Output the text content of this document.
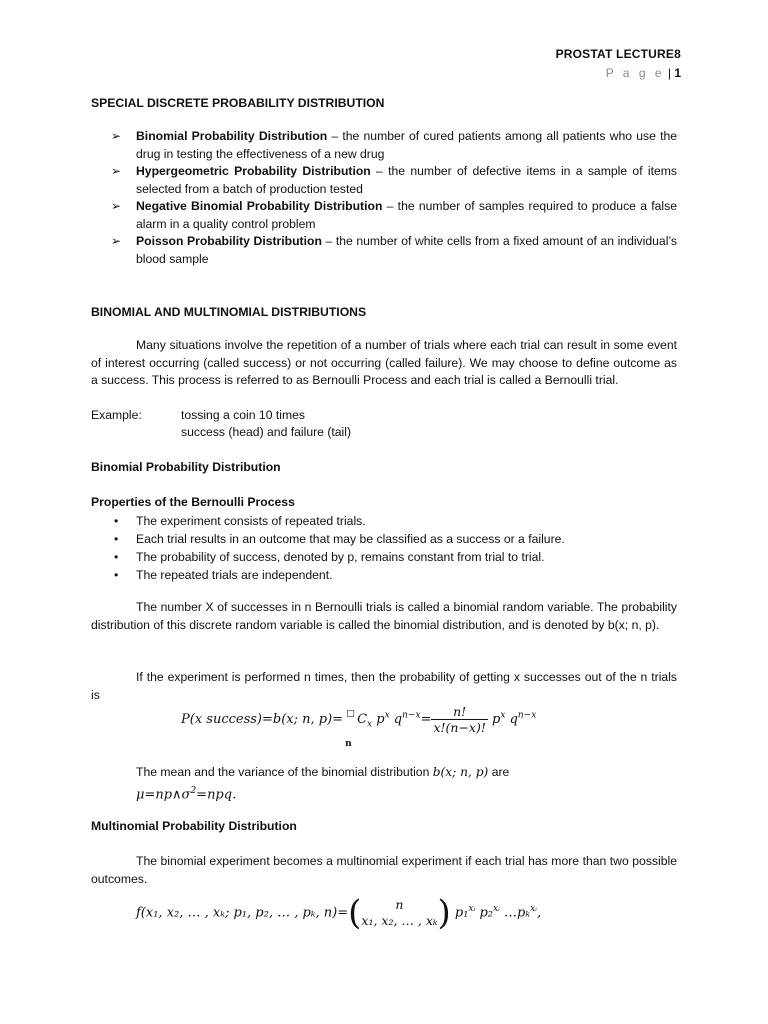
PROSTAT LECTURE8
P a g e | 1
SPECIAL DISCRETE PROBABILITY DISTRIBUTION
➢ Binomial Probability Distribution – the number of cured patients among all patients who use the drug in testing the effectiveness of a new drug
➢ Hypergeometric Probability Distribution – the number of defective items in a sample of items selected from a batch of production tested
➢ Negative Binomial Probability Distribution – the number of samples required to produce a false alarm in a quality control problem
➢ Poisson Probability Distribution – the number of white cells from a fixed amount of an individual’s blood sample
BINOMIAL AND MULTINOMIAL DISTRIBUTIONS
Many situations involve the repetition of a number of trials where each trial can result in some event of interest occurring (called success) or not occurring (called failure). We may choose to define outcome as a success. This process is referred to as Bernoulli Process and each trial is called a Bernoulli trial.
Example:	tossing a coin 10 times
success (head) and failure (tail)
Binomial Probability Distribution
Properties of the Bernoulli Process
• The experiment consists of repeated trials.
• Each trial results in an outcome that may be classified as a success or a failure.
• The probability of success, denoted by p, remains constant from trial to trial.
• The repeated trials are independent.
The number X of successes in n Bernoulli trials is called a binomial random variable. The probability distribution of this discrete random variable is called the binomial distribution, and is denoted by b(x; n, p).
If the experiment is performed n times, then the probability of getting x successes out of the n trials is
P(x success)=b(x; n, p)= □
n
$C_x$ $p^x$ $q^{n-x}= \frac{n!}{x!(n-x)!} p^x$ $q^{n-x}$
The mean and the variance of the binomial distribution b(x; n, p) are
$\mu=np\wedge\sigma^2=npq$.
Multinomial Probability Distribution
The binomial experiment becomes a multinomial experiment if each trial has more than two possible outcomes.
f(x₁, x₂, … , xₖ; p₁, p₂, … , pₖ, n)=(	n
x₁, x₂, … , xₖ ) p₁$^{xᵢ}$ p₂$^{xᵢ}$ …pₖ$^{xᵢ}$,
